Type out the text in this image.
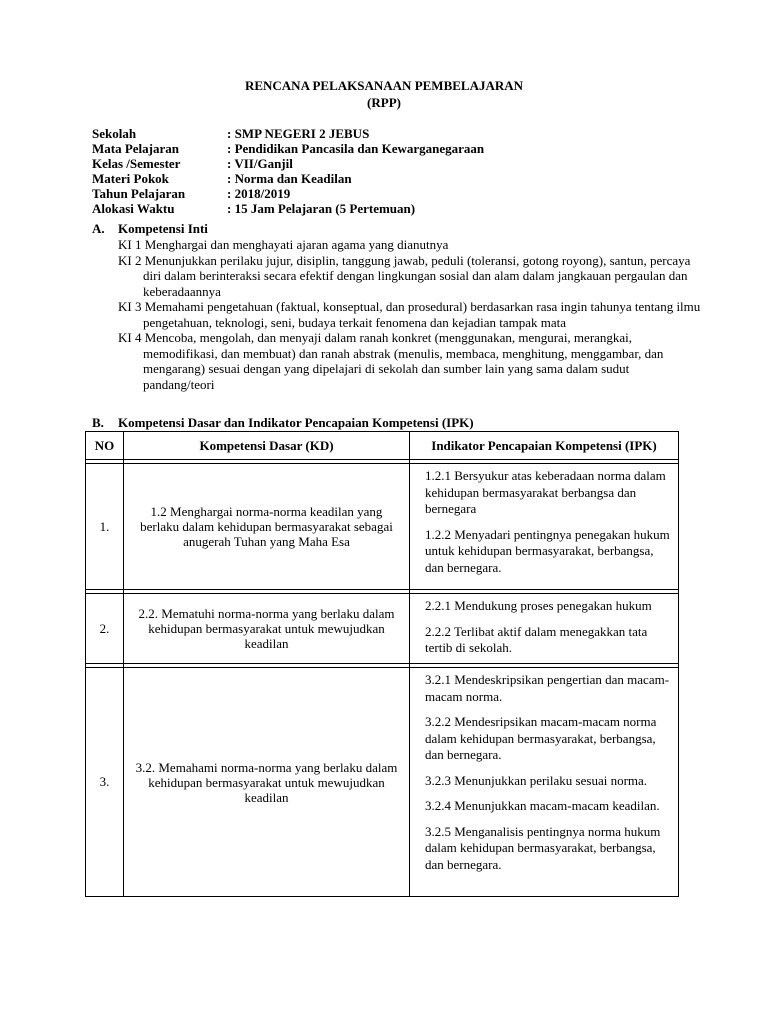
RENCANA PELAKSANAAN PEMBELAJARAN
(RPP)
Sekolah	: SMP NEGERI 2 JEBUS
Mata Pelajaran	: Pendidikan Pancasila dan Kewarganegaraan
Kelas /Semester	: VII/Ganjil
Materi Pokok	: Norma dan Keadilan
Tahun Pelajaran	: 2018/2019
Alokasi Waktu	: 15 Jam Pelajaran (5 Pertemuan)
A. Kompetensi Inti
KI 1 Menghargai dan menghayati ajaran agama yang dianutnya
KI 2 Menunjukkan perilaku jujur, disiplin, tanggung jawab, peduli (toleransi, gotong royong), santun, percaya diri dalam berinteraksi secara efektif dengan lingkungan sosial dan alam dalam jangkauan pergaulan dan keberadaannya
KI 3 Memahami pengetahuan (faktual, konseptual, dan prosedural) berdasarkan rasa ingin tahunya tentang ilmu pengetahuan, teknologi, seni, budaya terkait fenomena dan kejadian tampak mata
KI 4 Mencoba, mengolah, dan menyaji dalam ranah konkret (menggunakan, mengurai, merangkai, memodifikasi, dan membuat) dan ranah abstrak (menulis, membaca, menghitung, menggambar, dan mengarang) sesuai dengan yang dipelajari di sekolah dan sumber lain yang sama dalam sudut pandang/teori
B. Kompetensi Dasar dan Indikator Pencapaian Kompetensi (IPK)
NO	Kompetensi Dasar (KD)	Indikator Pencapaian Kompetensi (IPK)

1.	1.2 Menghargai norma-norma keadilan yang berlaku dalam kehidupan bermasyarakat sebagai anugerah Tuhan yang Maha Esa	1.2.1 Bersyukur atas keberadaan norma dalam kehidupan bermasyarakat berbangsa dan bernegara
1.2.2 Menyadari pentingnya penegakan hukum untuk kehidupan bermasyarakat, berbangsa, dan bernegara.

2.	2.2. Mematuhi norma-norma yang berlaku dalam kehidupan bermasyarakat untuk mewujudkan keadilan	2.2.1 Mendukung proses penegakan hukum
2.2.2 Terlibat aktif dalam menegakkan tata tertib di sekolah.

3.	3.2. Memahami norma-norma yang berlaku dalam kehidupan bermasyarakat untuk mewujudkan keadilan	3.2.1 Mendeskripsikan pengertian dan macam-macam norma.
3.2.2 Mendesripsikan macam-macam norma dalam kehidupan bermasyarakat, berbangsa, dan bernegara.
3.2.3 Menunjukkan perilaku sesuai norma.
3.2.4 Menunjukkan macam-macam keadilan.
3.2.5 Menganalisis pentingnya norma hukum dalam kehidupan bermasyarakat, berbangsa, dan bernegara.
